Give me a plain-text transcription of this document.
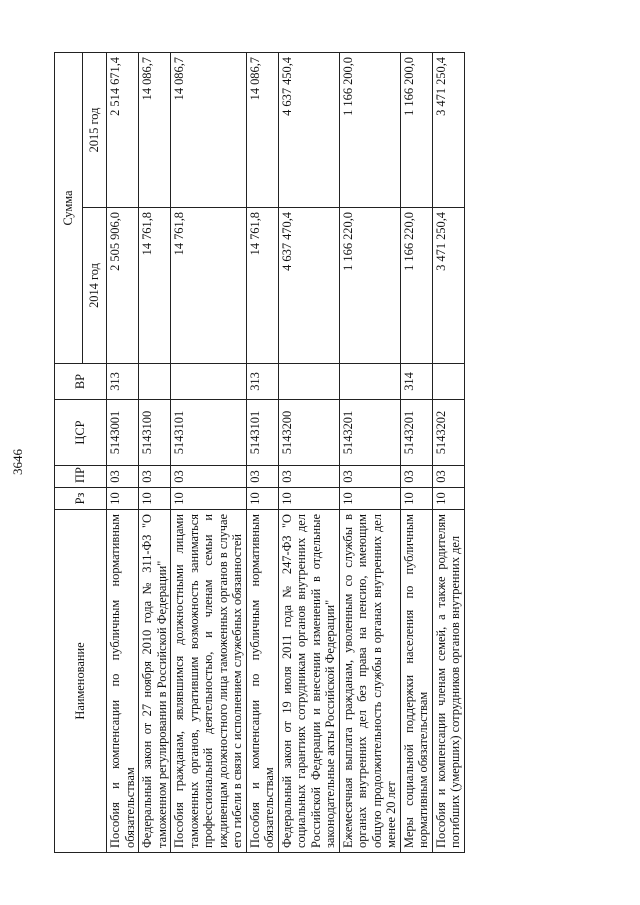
3646
Наименование	Рз	ПР	ЦСР	ВР	Сумма	
					2014 год	2015 год
Пособия и компенсации по публичным нормативным обязательствам	10	03	5143001	313	2 505 906,0	2 514 671,4
Федеральный закон от 27 ноября 2010 года № 311-ФЗ "О таможенном регулировании в Российской Федерации"	10	03	5143100		14 761,8	14 086,7
Пособия гражданам, являвшимся должностными лицами таможенных органов, утратившим возможность заниматься профессиональной деятельностью, и членам семьи и иждивенцам должностного лица таможенных органов в случае его гибели в связи с исполнением служебных обязанностей	10	03	5143101		14 761,8	14 086,7
Пособия и компенсации по публичным нормативным обязательствам	10	03	5143101	313	14 761,8	14 086,7
Федеральный закон от 19 июля 2011 года № 247-ФЗ "О социальных гарантиях сотрудникам органов внутренних дел Российской Федерации и внесении изменений в отдельные законодательные акты Российской Федерации"	10	03	5143200		4 637 470,4	4 637 450,4
Ежемесячная выплата гражданам, уволенным со службы в органах внутренних дел без права на пенсию, имеющим общую продолжительность службы в органах внутренних дел менее 20 лет	10	03	5143201		1 166 220,0	1 166 200,0
Меры социальной поддержки населения по публичным нормативным обязательствам	10	03	5143201	314	1 166 220,0	1 166 200,0
Пособия и компенсации членам семей, а также родителям погибших (умерших) сотрудников органов внутренних дел	10	03	5143202		3 471 250,4	3 471 250,4
